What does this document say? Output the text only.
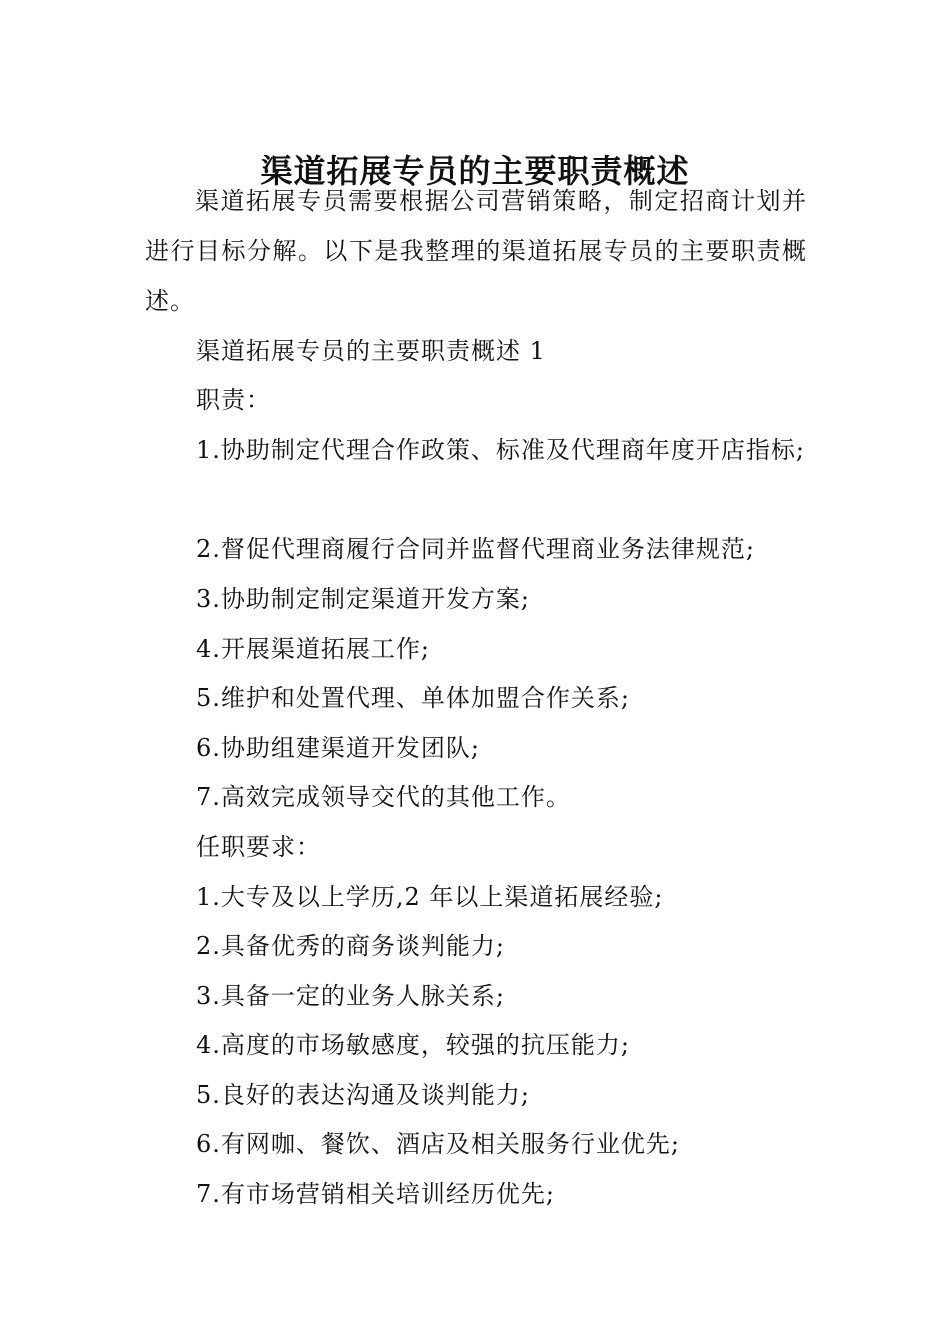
渠道拓展专员的主要职责概述

渠道拓展专员需要根据公司营销策略，制定招商计划并进行目标分解。以下是我整理的渠道拓展专员的主要职责概述。

渠道拓展专员的主要职责概述 1

职责：

1.协助制定代理合作政策、标准及代理商年度开店指标;

2.督促代理商履行合同并监督代理商业务法律规范;

3.协助制定制定渠道开发方案;

4.开展渠道拓展工作;

5.维护和处置代理、单体加盟合作关系;

6.协助组建渠道开发团队;

7.高效完成领导交代的其他工作。

任职要求：

1.大专及以上学历,2 年以上渠道拓展经验;

2.具备优秀的商务谈判能力;

3.具备一定的业务人脉关系;

4.高度的市场敏感度，较强的抗压能力;

5.良好的表达沟通及谈判能力;

6.有网咖、餐饮、酒店及相关服务行业优先;

7.有市场营销相关培训经历优先;
